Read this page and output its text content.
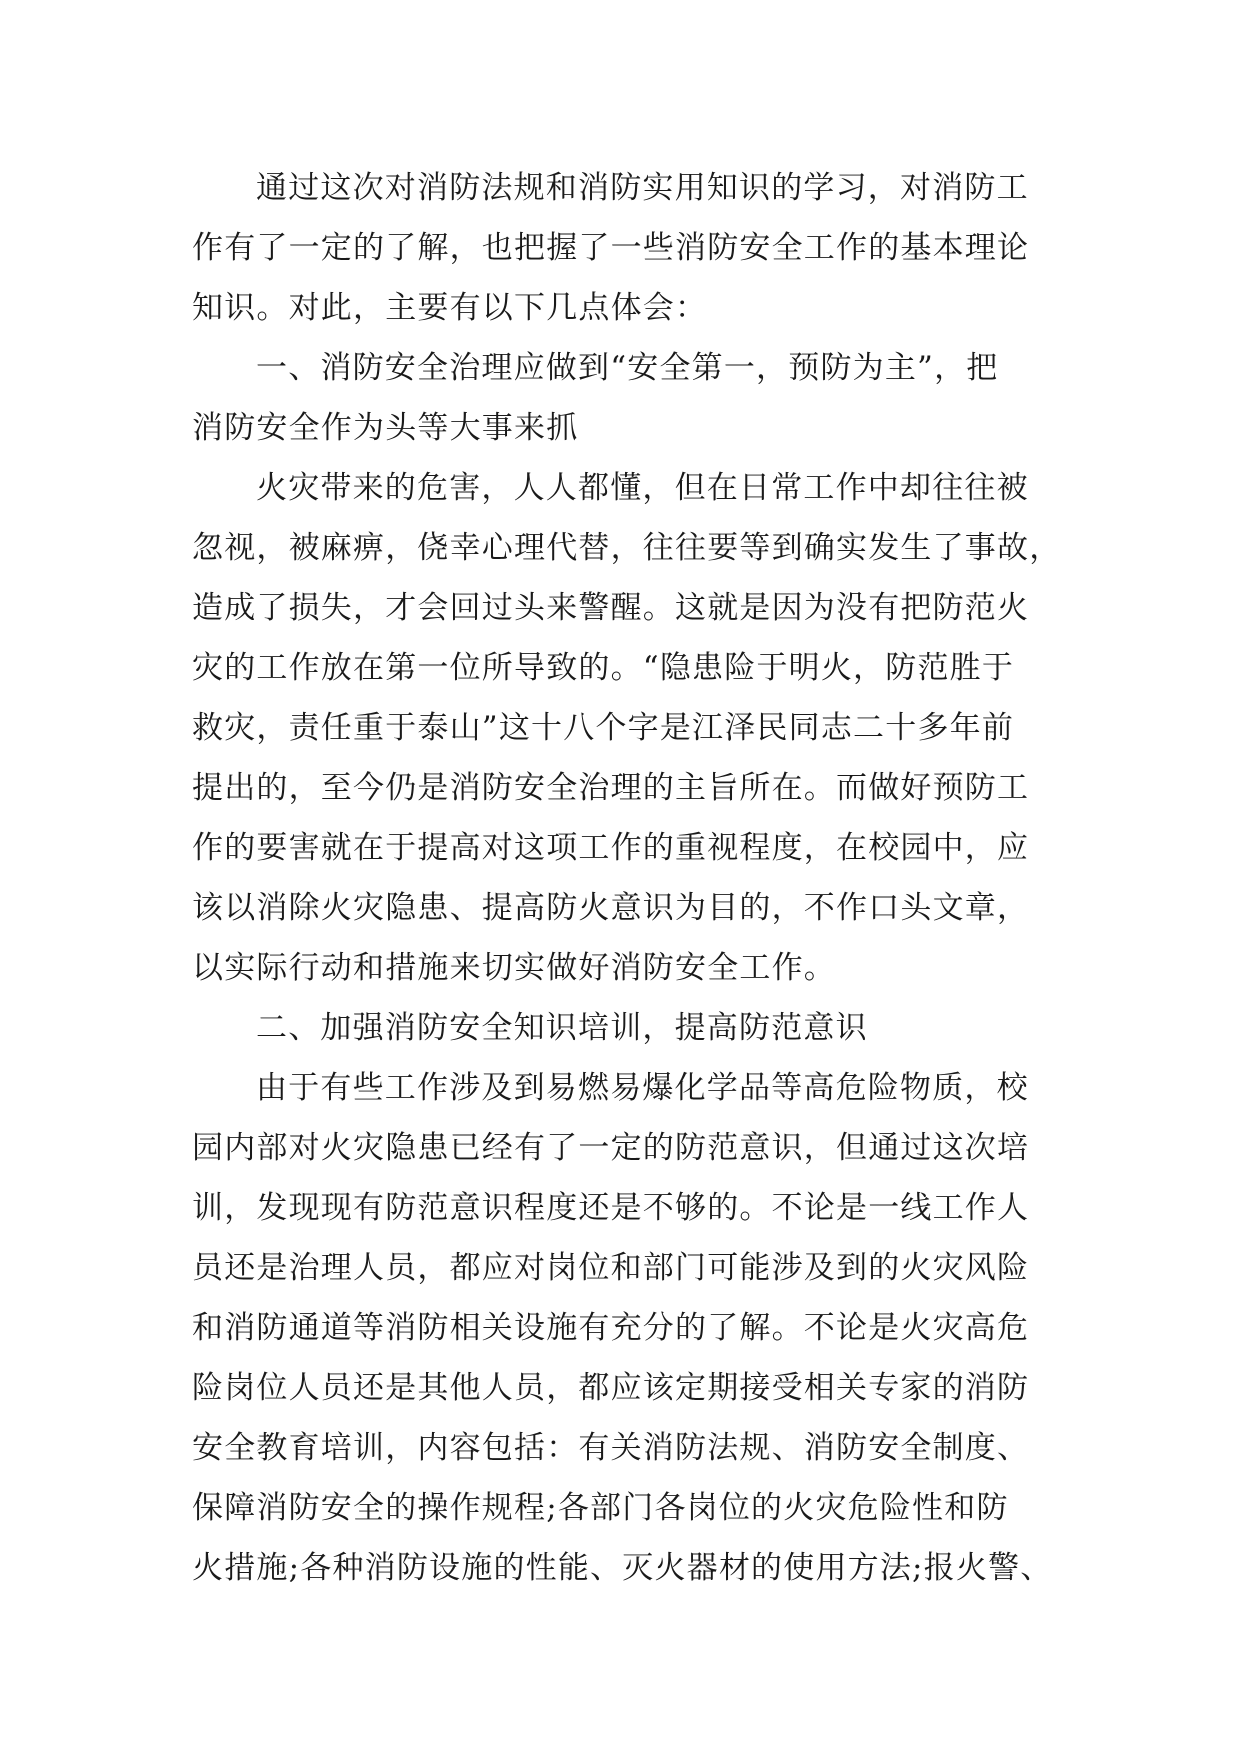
通过这次对消防法规和消防实用知识的学习，对消防工
作有了一定的了解，也把握了一些消防安全工作的基本理论
知识。对此，主要有以下几点体会：
一、消防安全治理应做到“安全第一，预防为主”，把
消防安全作为头等大事来抓
火灾带来的危害，人人都懂，但在日常工作中却往往被
忽视，被麻痹，侥幸心理代替，往往要等到确实发生了事故，
造成了损失，才会回过头来警醒。这就是因为没有把防范火
灾的工作放在第一位所导致的。“隐患险于明火，防范胜于
救灾，责任重于泰山”这十八个字是江泽民同志二十多年前
提出的，至今仍是消防安全治理的主旨所在。而做好预防工
作的要害就在于提高对这项工作的重视程度，在校园中，应
该以消除火灾隐患、提高防火意识为目的，不作口头文章，
以实际行动和措施来切实做好消防安全工作。
二、加强消防安全知识培训，提高防范意识
由于有些工作涉及到易燃易爆化学品等高危险物质，校
园内部对火灾隐患已经有了一定的防范意识，但通过这次培
训，发现现有防范意识程度还是不够的。不论是一线工作人
员还是治理人员，都应对岗位和部门可能涉及到的火灾风险
和消防通道等消防相关设施有充分的了解。不论是火灾高危
险岗位人员还是其他人员，都应该定期接受相关专家的消防
安全教育培训，内容包括：有关消防法规、消防安全制度、
保障消防安全的操作规程;各部门各岗位的火灾危险性和防
火措施;各种消防设施的性能、灭火器材的使用方法;报火警、
